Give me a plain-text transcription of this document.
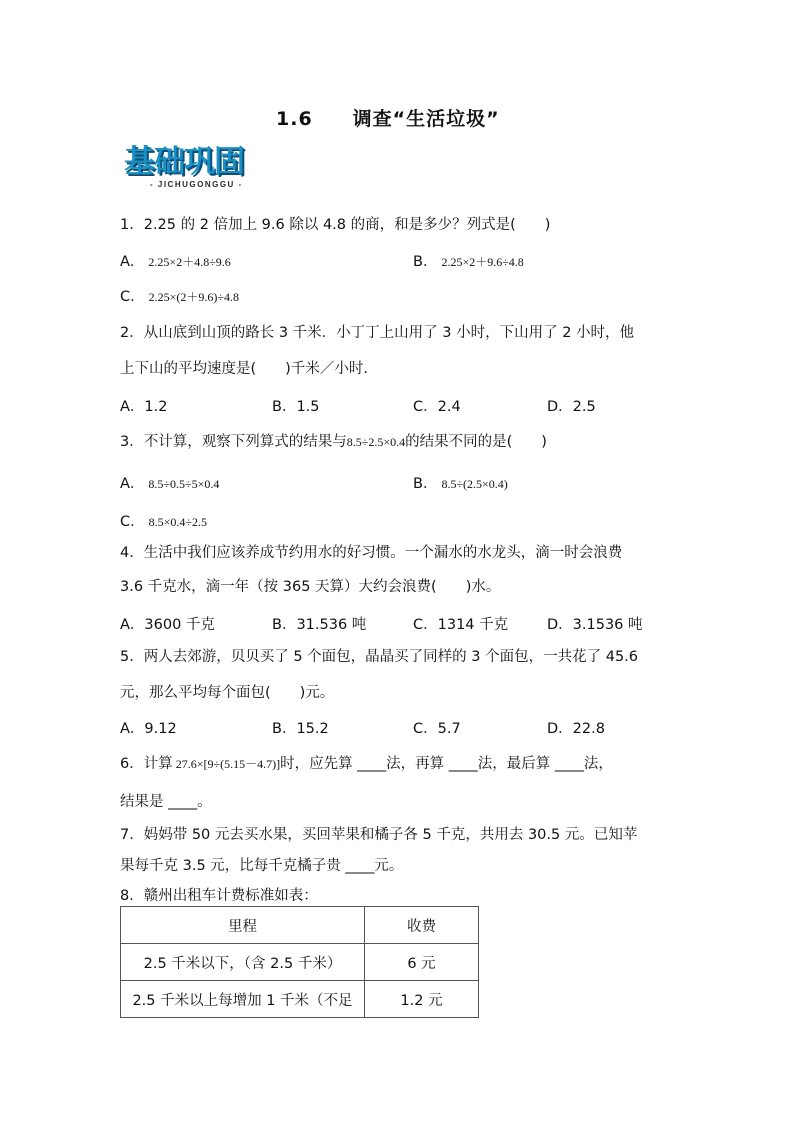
1.6　　调查“生活垃圾”
基础巩固
- JICHUGONGGU -
1．2.25 的 2 倍加上 9.6 除以 4.8 的商，和是多少？列式是(　　)
A． 2.25×2＋4.8÷9.6	B． 2.25×2＋9.6÷4.8
C． 2.25×(2＋9.6)÷4.8
2．从山底到山顶的路长 3 千米．小丁丁上山用了 3 小时，下山用了 2 小时，他
上下山的平均速度是(　　)千米／小时.
A．1.2	B．1.5	C．2.4	D．2.5
3．不计算，观察下列算式的结果与8.5÷2.5×0.4的结果不同的是(　　)
A． 8.5÷0.5÷5×0.4	B． 8.5÷(2.5×0.4)
C． 8.5×0.4÷2.5
4．生活中我们应该养成节约用水的好习惯。一个漏水的水龙头，滴一时会浪费
3.6 千克水，滴一年（按 365 天算）大约会浪费(　　)水。
A．3600 千克	B．31.536 吨	C．1314 千克	D．3.1536 吨
5．两人去郊游，贝贝买了 5 个面包，晶晶买了同样的 3 个面包，一共花了 45.6
元，那么平均每个面包(　　)元。
A．9.12	B．15.2	C．5.7	D．22.8
6．计算 27.6×[9÷(5.15－4.7)]时，应先算 ____法，再算 ____法，最后算 ____法，
结果是 ____。
7．妈妈带 50 元去买水果，买回苹果和橘子各 5 千克，共用去 30.5 元。已知苹
果每千克 3.5 元，比每千克橘子贵 ____元。
8．赣州出租车计费标准如表：
里程	收费
2.5 千米以下，（含 2.5 千米）	6 元
2.5 千米以上每增加 1 千米（不足	1.2 元
